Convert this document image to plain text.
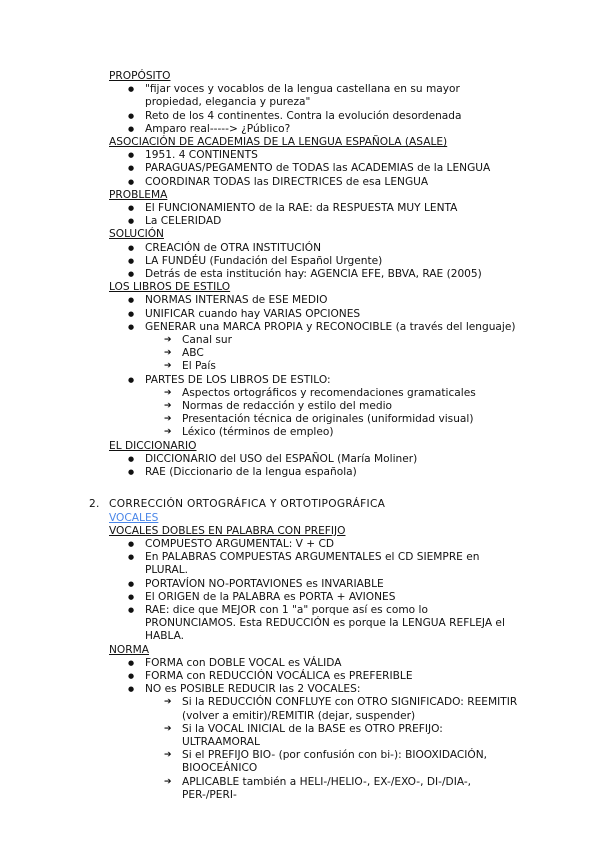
PROPÓSITO
● "fijar voces y vocablos de la lengua castellana en su mayor propiedad, elegancia y pureza"
● Reto de los 4 continentes. Contra la evolución desordenada
● Amparo real-----> ¿Público?
ASOCIACIÓN DE ACADEMIAS DE LA LENGUA ESPAÑOLA (ASALE)
● 1951. 4 CONTINENTS
● PARAGUAS/PEGAMENTO de TODAS las ACADEMIAS de la LENGUA
● COORDINAR TODAS las DIRECTRICES de esa LENGUA
PROBLEMA
● El FUNCIONAMIENTO de la RAE: da RESPUESTA MUY LENTA
● La CELERIDAD
SOLUCIÓN
● CREACIÓN de OTRA INSTITUCIÓN
● LA FUNDÉU (Fundación del Español Urgente)
● Detrás de esta institución hay: AGENCIA EFE, BBVA, RAE (2005)
LOS LIBROS DE ESTILO
● NORMAS INTERNAS de ESE MEDIO
● UNIFICAR cuando hay VARIAS OPCIONES
● GENERAR una MARCA PROPIA y RECONOCIBLE (a través del lenguaje)
➔ Canal sur
➔ ABC
➔ El País
● PARTES DE LOS LIBROS DE ESTILO:
➔ Aspectos ortográficos y recomendaciones gramaticales
➔ Normas de redacción y estilo del medio
➔ Presentación técnica de originales (uniformidad visual)
➔ Léxico (términos de empleo)
EL DICCIONARIO
● DICCIONARIO del USO del ESPAÑOL (María Moliner)
● RAE (Diccionario de la lengua española)
2. CORRECCIÓN ORTOGRÁFICA Y ORTOTIPOGRÁFICA
VOCALES
VOCALES DOBLES EN PALABRA CON PREFIJO
● COMPUESTO ARGUMENTAL: V + CD
● En PALABRAS COMPUESTAS ARGUMENTALES el CD SIEMPRE en PLURAL.
● PORTAVÍON NO-PORTAVIONES es INVARIABLE
● El ORIGEN de la PALABRA es PORTA + AVIONES
● RAE: dice que MEJOR con 1 "a" porque así es como lo PRONUNCIAMOS. Esta REDUCCIÓN es porque la LENGUA REFLEJA el HABLA.
NORMA
● FORMA con DOBLE VOCAL es VÁLIDA
● FORMA con REDUCCIÓN VOCÁLICA es PREFERIBLE
● NO es POSIBLE REDUCIR las 2 VOCALES:
➔ Si la REDUCCIÓN CONFLUYE con OTRO SIGNIFICADO: REEMITIR (volver a emitir)/REMITIR (dejar, suspender)
➔ Si la VOCAL INICIAL de la BASE es OTRO PREFIJO: ULTRAAMORAL
➔ Si el PREFIJO BIO- (por confusión con bi-): BIOOXIDACIÓN, BIOOCEÁNICO
➔ APLICABLE también a HELI-/HELIO-, EX-/EXO-, DI-/DIA-, PER-/PERI-
